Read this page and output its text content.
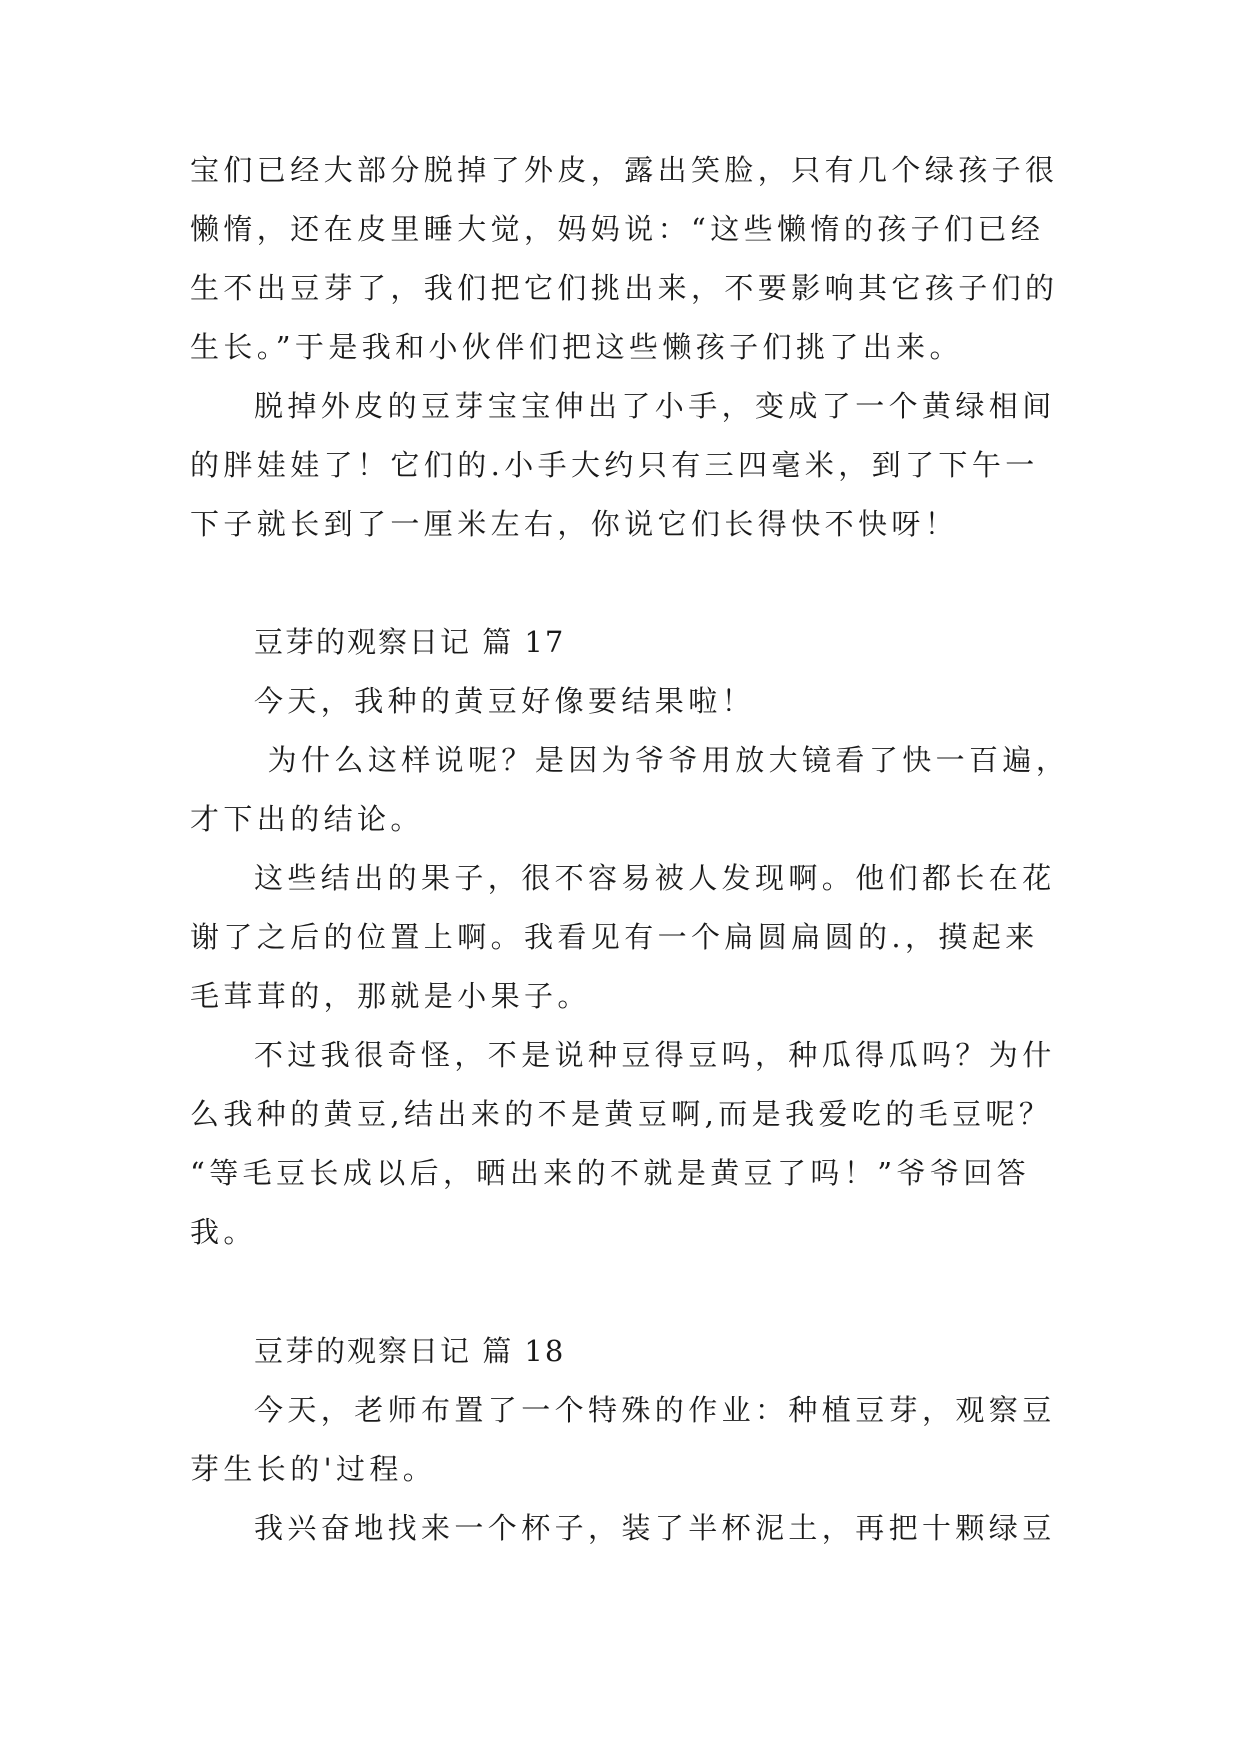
宝们已经大部分脱掉了外皮，露出笑脸，只有几个绿孩子很
懒惰，还在皮里睡大觉，妈妈说：“这些懒惰的孩子们已经
生不出豆芽了，我们把它们挑出来，不要影响其它孩子们的
生长。”于是我和小伙伴们把这些懒孩子们挑了出来。
脱掉外皮的豆芽宝宝伸出了小手，变成了一个黄绿相间
的胖娃娃了！它们的.小手大约只有三四毫米，到了下午一
下子就长到了一厘米左右，你说它们长得快不快呀！
豆芽的观察日记 篇 17
今天，我种的黄豆好像要结果啦！
为什么这样说呢？是因为爷爷用放大镜看了快一百遍，
才下出的结论。
这些结出的果子，很不容易被人发现啊。他们都长在花
谢了之后的位置上啊。我看见有一个扁圆扁圆的.，摸起来
毛茸茸的，那就是小果子。
不过我很奇怪，不是说种豆得豆吗，种瓜得瓜吗？为什
么我种的黄豆,结出来的不是黄豆啊,而是我爱吃的毛豆呢？
“等毛豆长成以后，晒出来的不就是黄豆了吗！”爷爷回答
我。
豆芽的观察日记 篇 18
今天，老师布置了一个特殊的作业：种植豆芽，观察豆
芽生长的'过程。
我兴奋地找来一个杯子，装了半杯泥土，再把十颗绿豆
